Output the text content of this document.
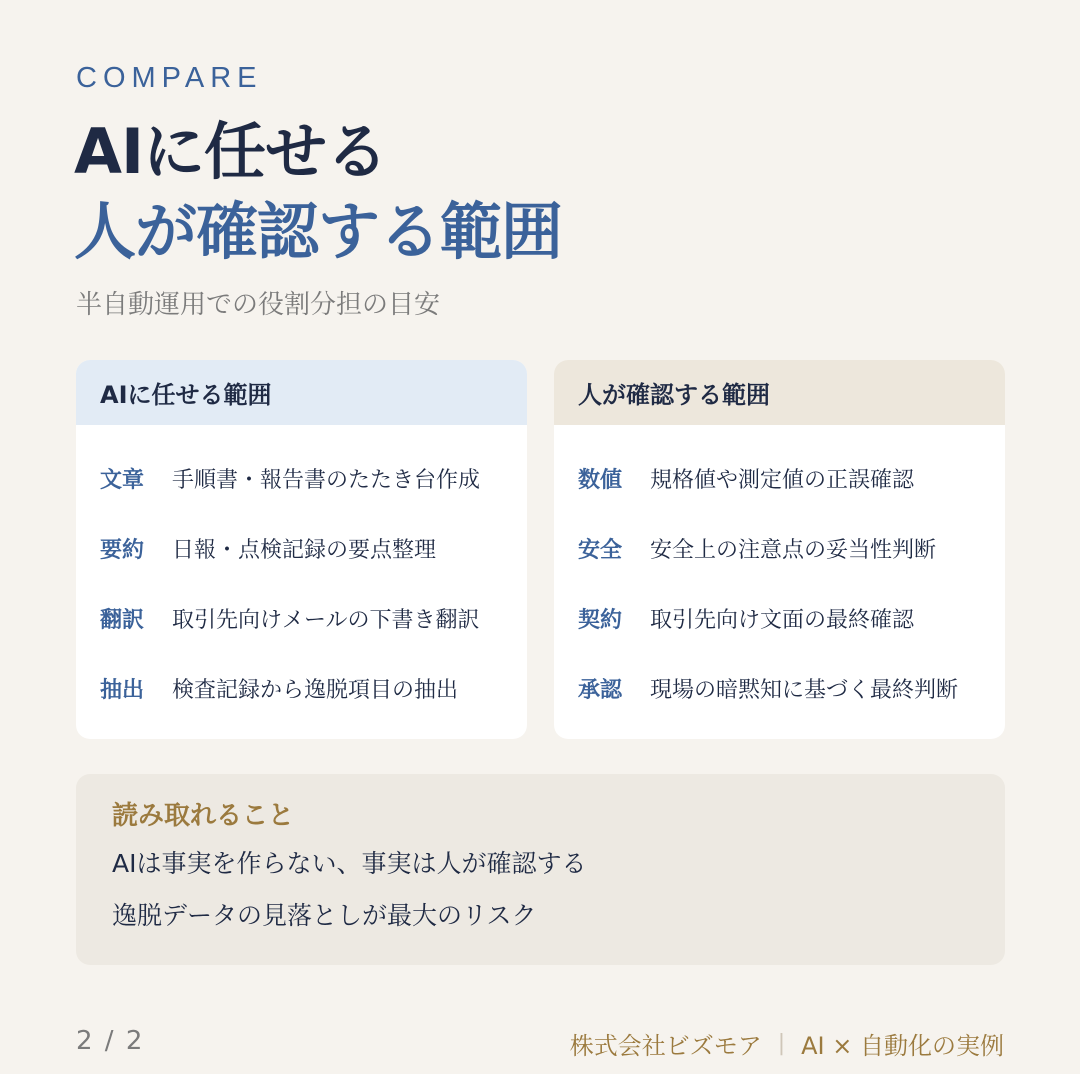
COMPARE
AIに任せる
人が確認する範囲
半自動運用での役割分担の目安
AIに任せる範囲
文章	手順書・報告書のたたき台作成
要約	日報・点検記録の要点整理
翻訳	取引先向けメールの下書き翻訳
抽出	検査記録から逸脱項目の抽出
人が確認する範囲
数値	規格値や測定値の正誤確認
安全	安全上の注意点の妥当性判断
契約	取引先向け文面の最終確認
承認	現場の暗黙知に基づく最終判断
読み取れること
AIは事実を作らない、事実は人が確認する
逸脱データの見落としが最大のリスク
2 / 2	株式会社ビズモア | AI × 自動化の実例
